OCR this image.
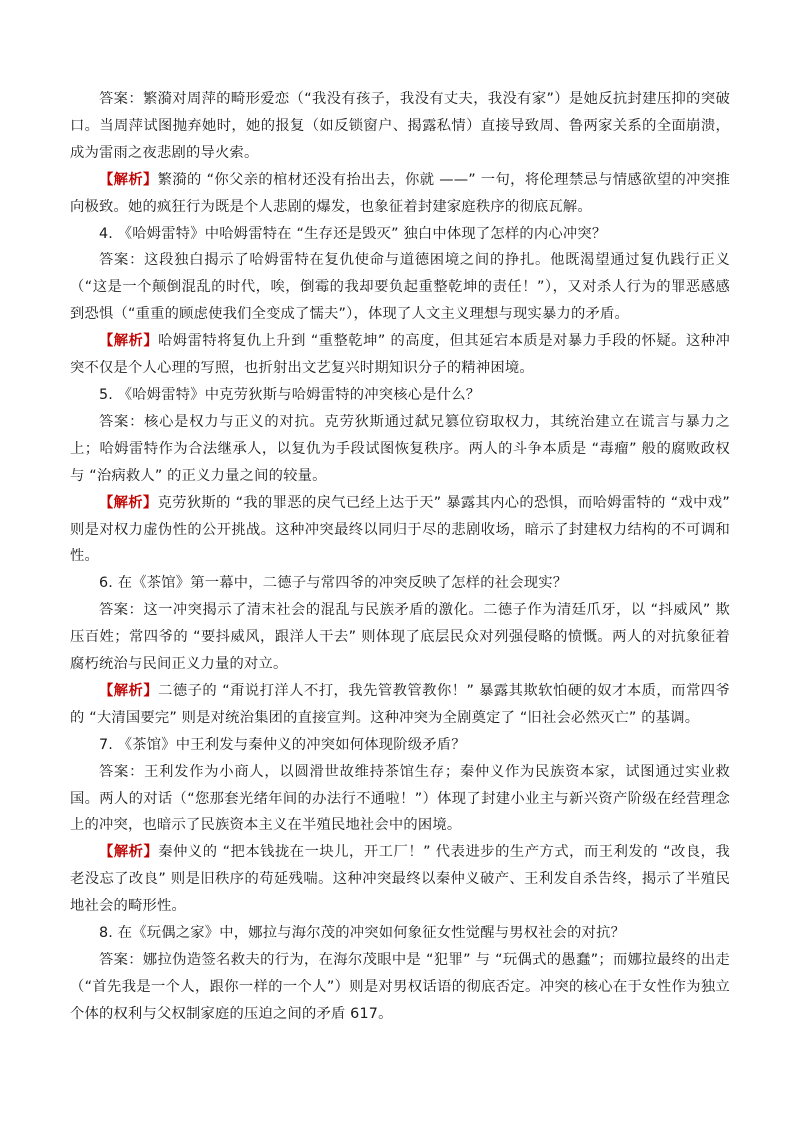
答案：繁漪对周萍的畸形爱恋（“我没有孩子，我没有丈夫，我没有家”）是她反抗封建压抑的突破口。当周萍试图抛弃她时，她的报复（如反锁窗户、揭露私情）直接导致周、鲁两家关系的全面崩溃，成为雷雨之夜悲剧的导火索。

【解析】繁漪的 “你父亲的棺材还没有抬出去，你就 ——” 一句，将伦理禁忌与情感欲望的冲突推向极致。她的疯狂行为既是个人悲剧的爆发，也象征着封建家庭秩序的彻底瓦解。

4. 《哈姆雷特》中哈姆雷特在 “生存还是毁灭” 独白中体现了怎样的内心冲突？

答案：这段独白揭示了哈姆雷特在复仇使命与道德困境之间的挣扎。他既渴望通过复仇践行正义（“这是一个颠倒混乱的时代，唉，倒霉的我却要负起重整乾坤的责任！”），又对杀人行为的罪恶感感到恐惧（“重重的顾虑使我们全变成了懦夫”），体现了人文主义理想与现实暴力的矛盾。

【解析】哈姆雷特将复仇上升到 “重整乾坤” 的高度，但其延宕本质是对暴力手段的怀疑。这种冲突不仅是个人心理的写照，也折射出文艺复兴时期知识分子的精神困境。

5. 《哈姆雷特》中克劳狄斯与哈姆雷特的冲突核心是什么？

答案：核心是权力与正义的对抗。克劳狄斯通过弑兄篡位窃取权力，其统治建立在谎言与暴力之上；哈姆雷特作为合法继承人，以复仇为手段试图恢复秩序。两人的斗争本质是 “毒瘤” 般的腐败政权与 “治病救人” 的正义力量之间的较量。

【解析】克劳狄斯的 “我的罪恶的戾气已经上达于天” 暴露其内心的恐惧，而哈姆雷特的 “戏中戏” 则是对权力虚伪性的公开挑战。这种冲突最终以同归于尽的悲剧收场，暗示了封建权力结构的不可调和性。

6. 在《茶馆》第一幕中，二德子与常四爷的冲突反映了怎样的社会现实？

答案：这一冲突揭示了清末社会的混乱与民族矛盾的激化。二德子作为清廷爪牙，以 “抖威风” 欺压百姓；常四爷的 “要抖威风，跟洋人干去” 则体现了底层民众对列强侵略的愤慨。两人的对抗象征着腐朽统治与民间正义力量的对立。

【解析】二德子的 “甭说打洋人不打，我先管教管教你！” 暴露其欺软怕硬的奴才本质，而常四爷的 “大清国要完” 则是对统治集团的直接宣判。这种冲突为全剧奠定了 “旧社会必然灭亡” 的基调。

7. 《茶馆》中王利发与秦仲义的冲突如何体现阶级矛盾？

答案：王利发作为小商人，以圆滑世故维持茶馆生存；秦仲义作为民族资本家，试图通过实业救国。两人的对话（“您那套光绪年间的办法行不通啦！”）体现了封建小业主与新兴资产阶级在经营理念上的冲突，也暗示了民族资本主义在半殖民地社会中的困境。

【解析】秦仲义的 “把本钱拢在一块儿，开工厂！” 代表进步的生产方式，而王利发的 “改良，我老没忘了改良” 则是旧秩序的苟延残喘。这种冲突最终以秦仲义破产、王利发自杀告终，揭示了半殖民地社会的畸形性。

8. 在《玩偶之家》中，娜拉与海尔茂的冲突如何象征女性觉醒与男权社会的对抗？

答案：娜拉伪造签名救夫的行为，在海尔茂眼中是 “犯罪” 与 “玩偶式的愚蠢”；而娜拉最终的出走（“首先我是一个人，跟你一样的一个人”）则是对男权话语的彻底否定。冲突的核心在于女性作为独立个体的权利与父权制家庭的压迫之间的矛盾 617。
